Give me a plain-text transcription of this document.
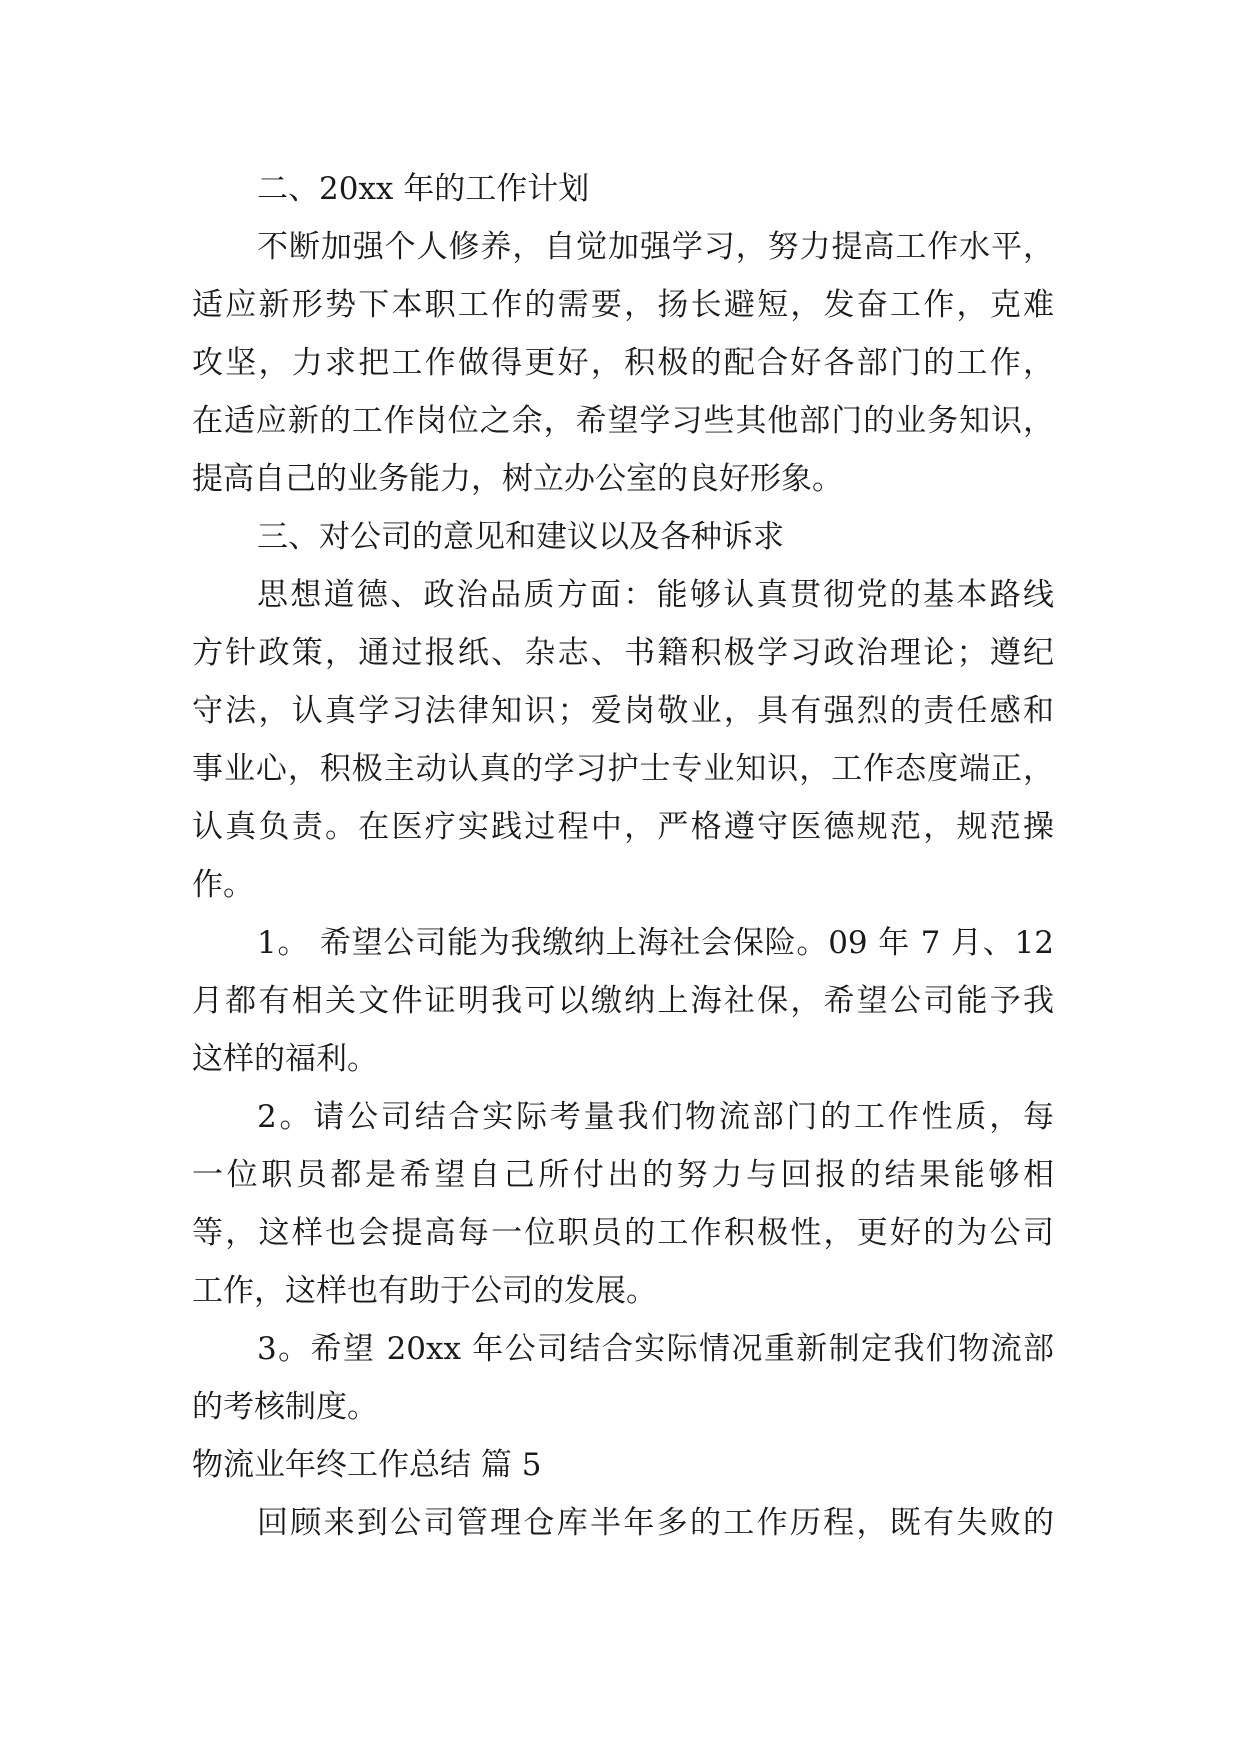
二、20xx 年的工作计划
不断加强个人修养，自觉加强学习，努力提高工作水平，
适应新形势下本职工作的需要，扬长避短，发奋工作，克难
攻坚，力求把工作做得更好，积极的配合好各部门的工作，
在适应新的工作岗位之余，希望学习些其他部门的业务知识，
提高自己的业务能力，树立办公室的良好形象。
三、对公司的意见和建议以及各种诉求
思想道德、政治品质方面：能够认真贯彻党的基本路线
方针政策，通过报纸、杂志、书籍积极学习政治理论；遵纪
守法，认真学习法律知识；爱岗敬业，具有强烈的责任感和
事业心，积极主动认真的学习护士专业知识，工作态度端正，
认真负责。在医疗实践过程中，严格遵守医德规范，规范操
作。
1。 希望公司能为我缴纳上海社会保险。09 年 7 月、12
月都有相关文件证明我可以缴纳上海社保，希望公司能予我
这样的福利。
2。请公司结合实际考量我们物流部门的工作性质，每
一位职员都是希望自己所付出的努力与回报的结果能够相
等，这样也会提高每一位职员的工作积极性，更好的为公司
工作，这样也有助于公司的发展。
3。希望 20xx 年公司结合实际情况重新制定我们物流部
的考核制度。
物流业年终工作总结 篇 5
回顾来到公司管理仓库半年多的工作历程，既有失败的
